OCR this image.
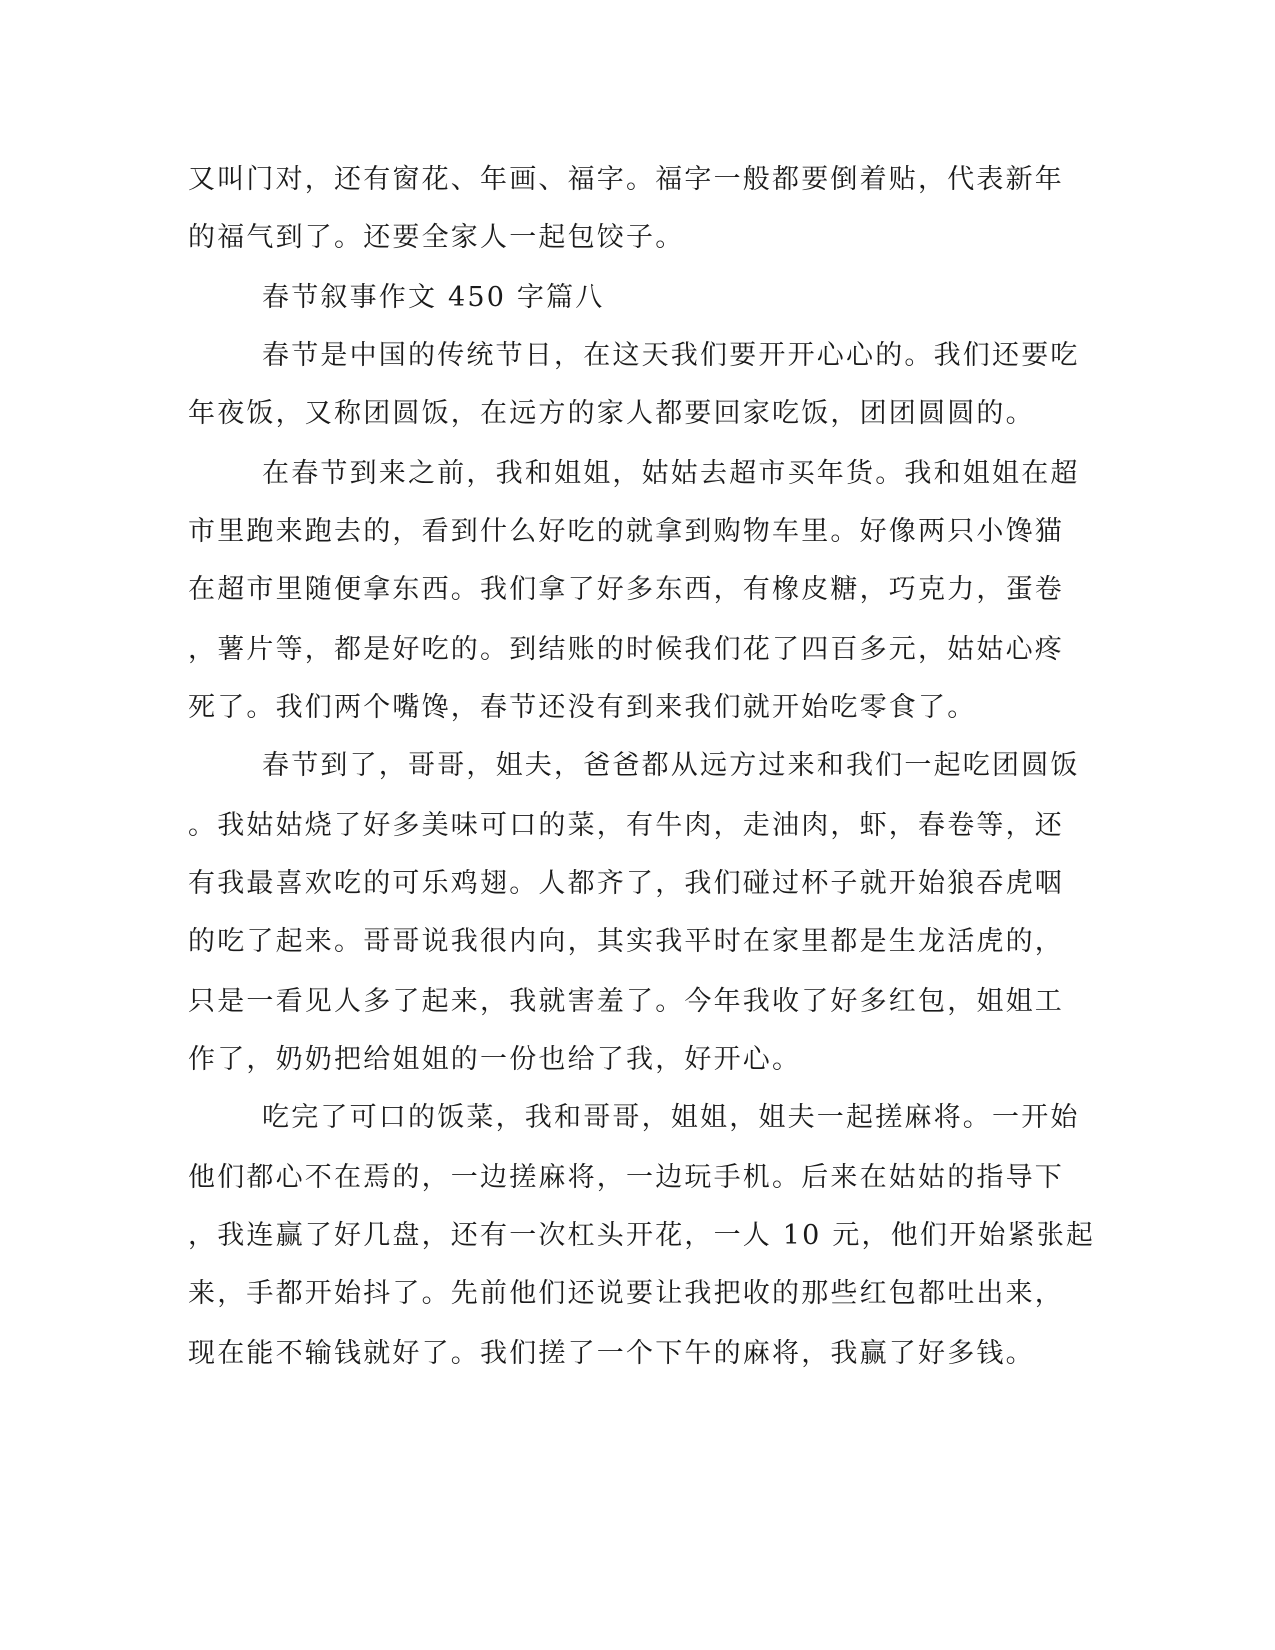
又叫门对，还有窗花、年画、福字。福字一般都要倒着贴，代表新年
的福气到了。还要全家人一起包饺子。
春节叙事作文 450 字篇八
春节是中国的传统节日，在这天我们要开开心心的。我们还要吃
年夜饭，又称团圆饭，在远方的家人都要回家吃饭，团团圆圆的。
在春节到来之前，我和姐姐，姑姑去超市买年货。我和姐姐在超
市里跑来跑去的，看到什么好吃的就拿到购物车里。好像两只小馋猫
在超市里随便拿东西。我们拿了好多东西，有橡皮糖，巧克力，蛋卷
，薯片等，都是好吃的。到结账的时候我们花了四百多元，姑姑心疼
死了。我们两个嘴馋，春节还没有到来我们就开始吃零食了。
春节到了，哥哥，姐夫，爸爸都从远方过来和我们一起吃团圆饭
。我姑姑烧了好多美味可口的菜，有牛肉，走油肉，虾，春卷等，还
有我最喜欢吃的可乐鸡翅。人都齐了，我们碰过杯子就开始狼吞虎咽
的吃了起来。哥哥说我很内向，其实我平时在家里都是生龙活虎的，
只是一看见人多了起来，我就害羞了。今年我收了好多红包，姐姐工
作了，奶奶把给姐姐的一份也给了我，好开心。
吃完了可口的饭菜，我和哥哥，姐姐，姐夫一起搓麻将。一开始
他们都心不在焉的，一边搓麻将，一边玩手机。后来在姑姑的指导下
，我连赢了好几盘，还有一次杠头开花，一人 10 元，他们开始紧张起
来，手都开始抖了。先前他们还说要让我把收的那些红包都吐出来，
现在能不输钱就好了。我们搓了一个下午的麻将，我赢了好多钱。
